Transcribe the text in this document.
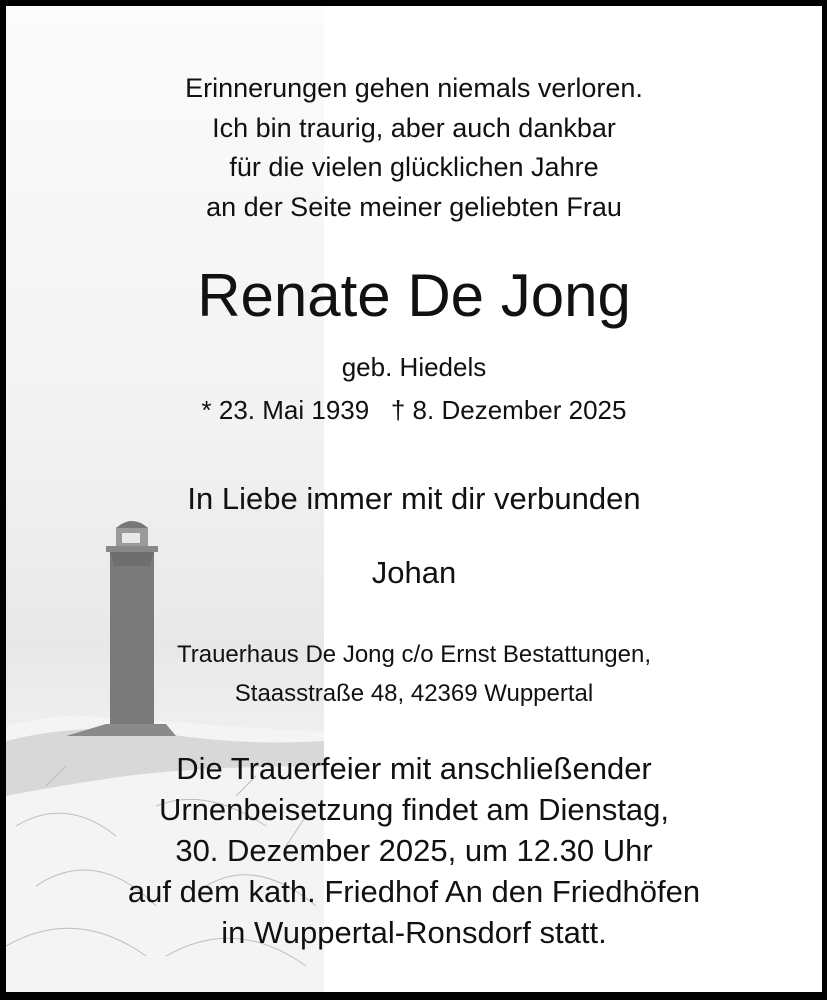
Erinnerungen gehen niemals verloren.
Ich bin traurig, aber auch dankbar
für die vielen glücklichen Jahre
an der Seite meiner geliebten Frau
Renate De Jong
geb. Hiedels
* 23. Mai 1939   † 8. Dezember 2025
In Liebe immer mit dir verbunden
Johan
Trauerhaus De Jong c/o Ernst Bestattungen,
Staasstraße 48, 42369 Wuppertal
Die Trauerfeier mit anschließender
Urnenbeisetzung findet am Dienstag,
30. Dezember 2025, um 12.30 Uhr
auf dem kath. Friedhof An den Friedhöfen
in Wuppertal-Ronsdorf statt.
